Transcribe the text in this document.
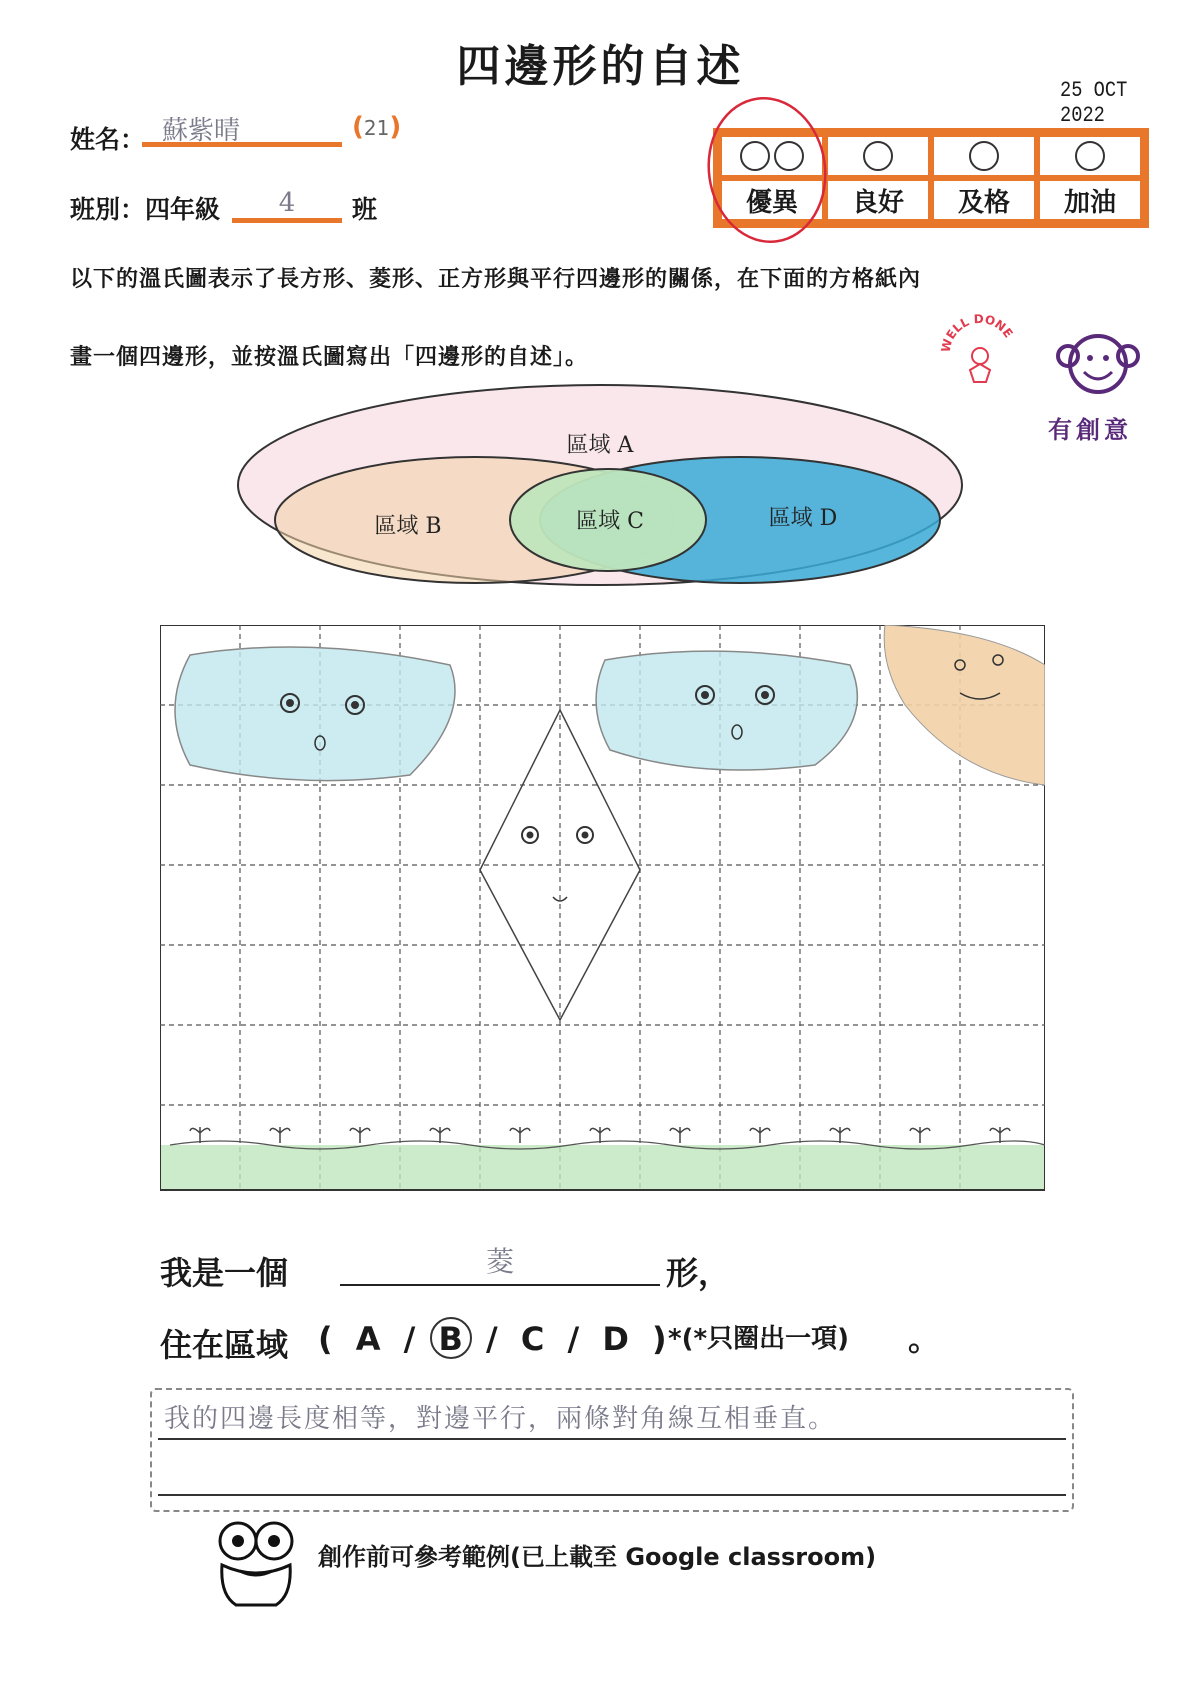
四邊形的自述	25 OCT 2022
姓名： 蘇紫晴	(21)
班別：四年級	4	班	優異	良好	及格	加油
以下的溫氏圖表示了長方形、菱形、正方形與平行四邊形的關係，在下面的方格紙內
畫一個四邊形，並按溫氏圖寫出「四邊形的自述」。	WELL DONE
有創意
區域 A
區域 B	區域 C	區域 D
我是一個	菱	形，
住在區域 ( A / B / C / D )
*(*只圈出一項) 。
我的四邊長度相等，對邊平行，兩條對角線互相垂直。
創作前可參考範例(已上載至 Google classroom)
